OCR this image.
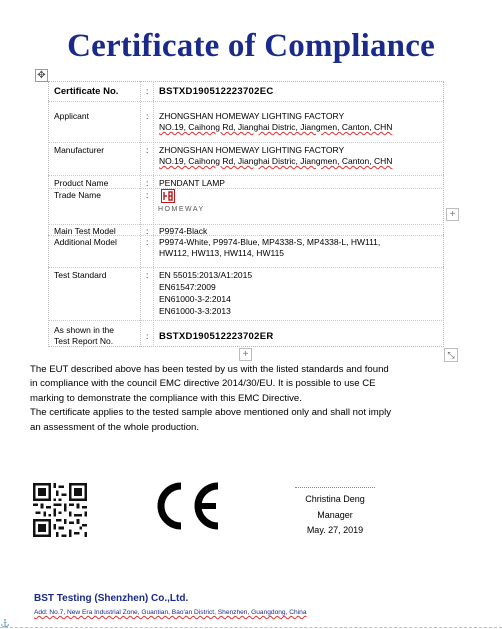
Certificate of Compliance
✥
Certificate No.	: BSTXD190512223702EC
Applicant	: ZHONGSHAN HOMEWAY LIGHTING FACTORY
NO.19, Caihong Rd, Jianghai Distric, Jiangmen, Canton, CHN
Manufacturer	: ZHONGSHAN HOMEWAY LIGHTING FACTORY
NO.19, Caihong Rd, Jianghai Distric, Jiangmen, Canton, CHN
Product Name	: PENDANT LAMP
Trade Name	:
HOMEWAY
Main Test Model	: P9974-Black
Additional Model	: P9974-White, P9974-Blue, MP4338-S, MP4338-L, HW111,
HW112, HW113, HW114, HW115
Test Standard	: EN 55015:2013/A1:2015
EN61547:2009
EN61000-3-2:2014
EN61000-3-3:2013
As shown in the
Test Report No.	: BSTXD190512223702ER
+
+	⤡

The EUT described above has been tested by us with the listed standards and found

in compliance with the council EMC directive 2014/30/EU. It is possible to use CE

marking to demonstrate the compliance with this EMC Directive.

The certificate applies to the tested sample above mentioned only and shall not imply

an assessment of the whole production.

Christina Deng
Manager
May. 27, 2019
BST Testing (Shenzhen) Co.,Ltd.
Add: No.7, New Era Industrial Zone, Guantian, Bao'an District, Shenzhen, Guangdong, China
⚓
